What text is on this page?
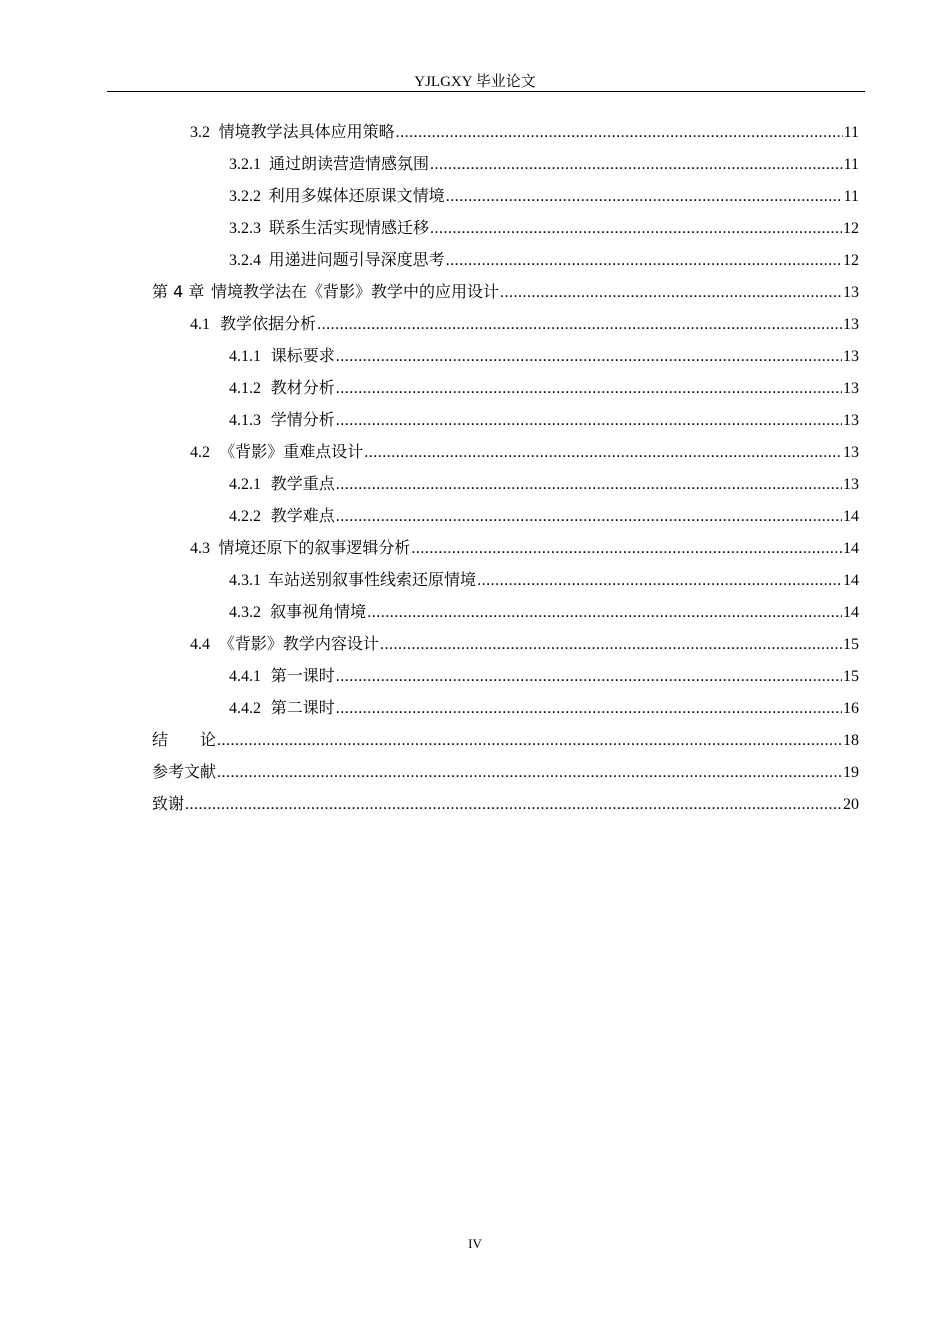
YJLGXY 毕业论文
3.2 情境教学法具体应用策略 .....	11
3.2.1 通过朗读营造情感氛围 .....	11
3.2.2 利用多媒体还原课文情境 .....	11
3.2.3 联系生活实现情感迁移 .....	12
3.2.4 用递进问题引导深度思考 .....	12
第 4 章 情境教学法在《背影》教学中的应用设计 .....	13
4.1 教学依据分析 .....	13
4.1.1 课标要求 .....	13
4.1.2 教材分析 .....	13
4.1.3 学情分析 .....	13
4.2 《背影》重难点设计 .....	13
4.2.1 教学重点 .....	13
4.2.2 教学难点 .....	14
4.3 情境还原下的叙事逻辑分析 .....	14
4.3.1 车站送别叙事性线索还原情境 .....	14
4.3.2 叙事视角情境 .....	14
4.4 《背影》教学内容设计 .....	15
4.4.1 第一课时 .....	15
4.4.2 第二课时 .....	16
结　　论 .....	18
参考文献 .....	19
致谢 .....	20
IV
